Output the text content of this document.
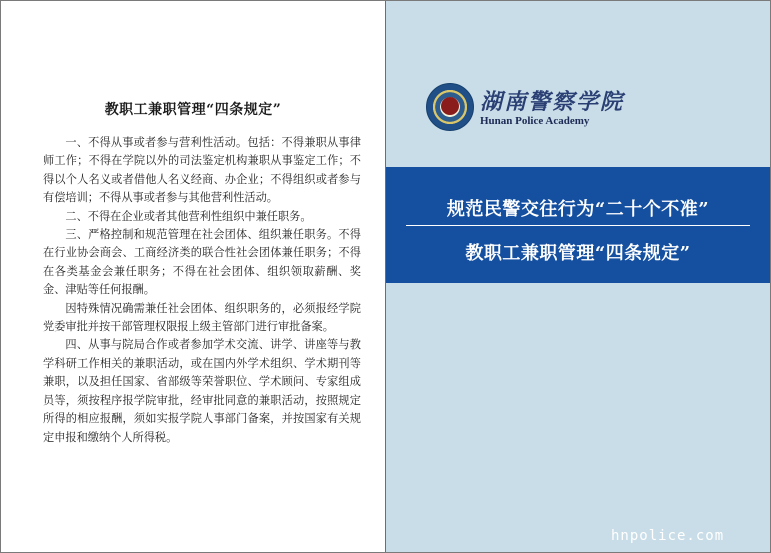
教职工兼职管理“四条规定”

一、不得从事或者参与营利性活动。包括：不得兼职从事律师工作；不得在学院以外的司法鉴定机构兼职从事鉴定工作；不得以个人名义或者借他人名义经商、办企业；不得组织或者参与有偿培训；不得从事或者参与其他营利性活动。

二、不得在企业或者其他营利性组织中兼任职务。

三、严格控制和规范管理在社会团体、组织兼任职务。不得在行业协会商会、工商经济类的联合性社会团体兼任职务；不得在各类基金会兼任职务；不得在社会团体、组织领取薪酬、奖金、津贴等任何报酬。

因特殊情况确需兼任社会团体、组织职务的，必须报经学院党委审批并按干部管理权限报上级主管部门进行审批备案。

四、从事与院局合作或者参加学术交流、讲学、讲座等与教学科研工作相关的兼职活动，或在国内外学术组织、学术期刊等兼职，以及担任国家、省部级等荣誉职位、学术顾问、专家组成员等，须按程序报学院审批，经审批同意的兼职活动，按照规定所得的相应报酬，须如实报学院人事部门备案，并按国家有关规定申报和缴纳个人所得税。

湖南警察学院
Hunan Police Academy
规范民警交往行为“二十个不准”
教职工兼职管理“四条规定”
hnpolice.com
